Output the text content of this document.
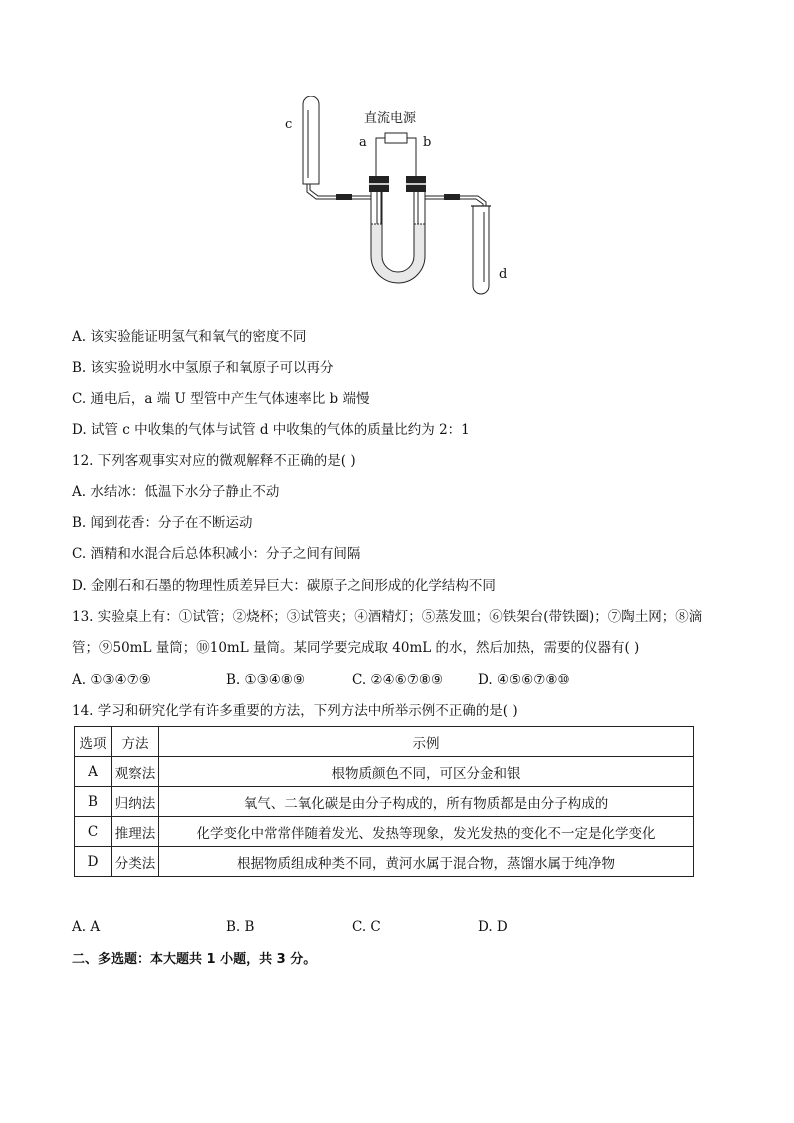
直流电源
a	b
c
d
A. 该实验能证明氢气和氧气的密度不同
B. 该实验说明水中氢原子和氧原子可以再分
C. 通电后，a 端 U 型管中产生气体速率比 b 端慢
D. 试管 c 中收集的气体与试管 d 中收集的气体的质量比约为 2：1
12. 下列客观事实对应的微观解释不正确的是( )
A. 水结冰：低温下水分子静止不动
B. 闻到花香：分子在不断运动
C. 酒精和水混合后总体积减小：分子之间有间隔
D. 金刚石和石墨的物理性质差异巨大：碳原子之间形成的化学结构不同
13. 实验桌上有：①试管；②烧杯；③试管夹；④酒精灯；⑤蒸发皿；⑥铁架台(带铁圈)；⑦陶土网；⑧滴
管；⑨50mL 量筒；⑩10mL 量筒。某同学要完成取 40mL 的水，然后加热，需要的仪器有( )
A. ①③④⑦⑨	B. ①③④⑧⑨	C. ②④⑥⑦⑧⑨	D. ④⑤⑥⑦⑧⑩
14. 学习和研究化学有许多重要的方法，下列方法中所举示例不正确的是( )
选项	方法	示例
A	观察法	根物质颜色不同，可区分金和银
B	归纳法	氧气、二氧化碳是由分子构成的，所有物质都是由分子构成的
C	推理法	化学变化中常常伴随着发光、发热等现象，发光发热的变化不一定是化学变化
D	分类法	根据物质组成种类不同，黄河水属于混合物，蒸馏水属于纯净物
A. A	B. B	C. C	D. D
二、多选题：本大题共 1 小题，共 3 分。
